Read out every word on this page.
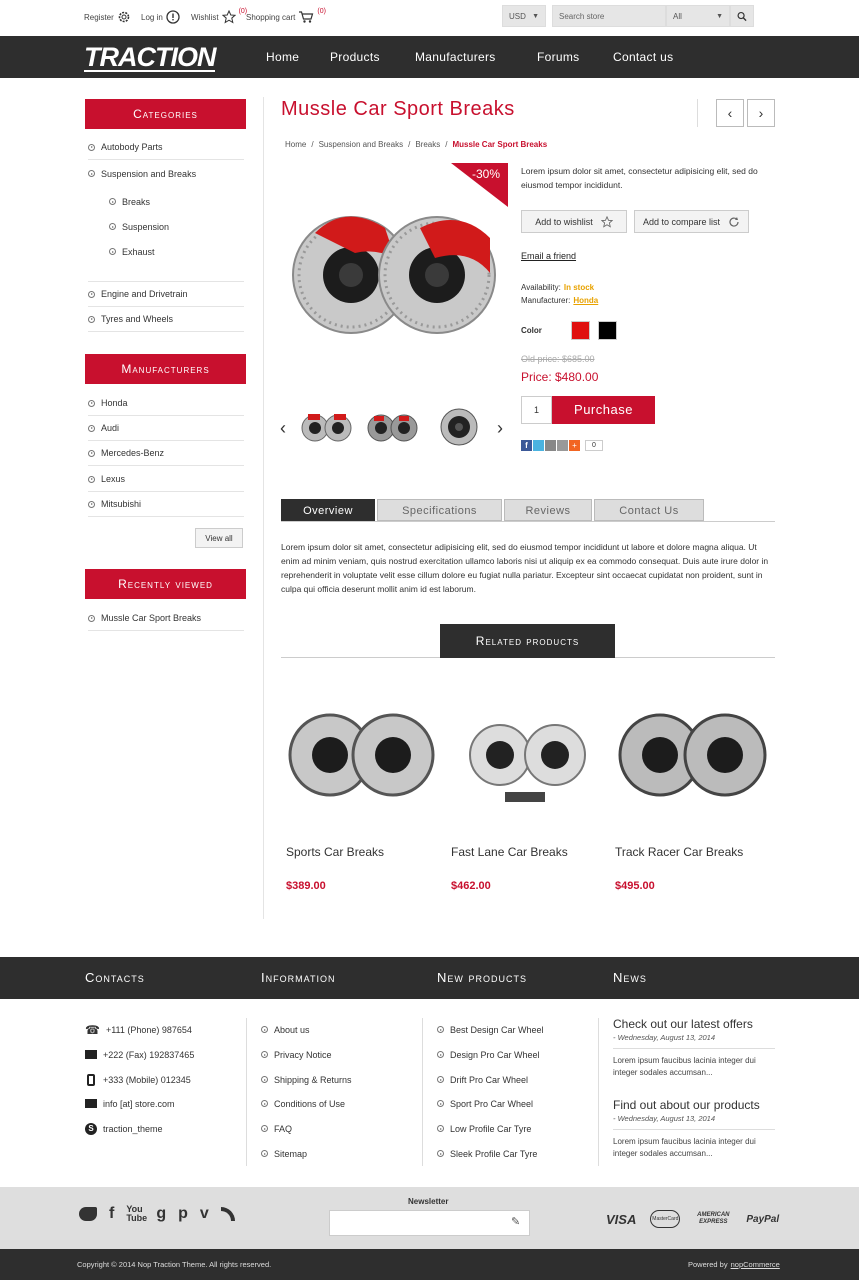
Register	Log in	Wishlist
(0)
Shopping cart
(0)
USD ▼	Search store	All	▼
TRACTION	Home	Products	Manufacturers	Forums	Contact us
Categories
Autobody Parts
Suspension and Breaks
Breaks
Suspension
Exhaust
Engine and Drivetrain
Tyres and Wheels
Manufacturers
Honda
Audi
Mercedes-Benz
Lexus
Mitsubishi
View all
Recently viewed
Mussle Car Sport Breaks
Mussle Car Sport Breaks	‹ ›
Home / Suspension and Breaks / Breaks / Mussle Car Sport Breaks
-30%
‹	›
Lorem ipsum dolor sit amet, consectetur adipisicing elit, sed do eiusmod tempor incididunt.
Add to wishlist	Add to compare list
Email a friend
Availability: In stock
Manufacturer: Honda
Color
Old price: $685.00
Price: $480.00
1	Purchase
f	+	0
Overview	Specifications	Reviews	Contact Us
Lorem ipsum dolor sit amet, consectetur adipisicing elit, sed do eiusmod tempor incididunt ut labore et dolore magna aliqua. Ut enim ad minim veniam, quis nostrud exercitation ullamco laboris nisi ut aliquip ex ea commodo consequat. Duis aute irure dolor in reprehenderit in voluptate velit esse cillum dolore eu fugiat nulla pariatur. Excepteur sint occaecat cupidatat non proident, sunt in culpa qui officia deserunt mollit anim id est laborum.
Related products
Sports Car Breaks
$389.00
Fast Lane Car Breaks
$462.00
Track Racer Car Breaks
$495.00
Contacts	Information	New products	News
☎ +111 (Phone) 987654
+222 (Fax) 192837465
+333 (Mobile) 012345
info [at] store.com
S	traction_theme
About us
Privacy Notice
Shipping & Returns
Conditions of Use
FAQ
Sitemap
Best Design Car Wheel
Design Pro Car Wheel
Drift Pro Car Wheel
Sport Pro Car Wheel
Low Profile Car Tyre
Sleek Profile Car Tyre
Check out our latest offers
- Wednesday, August 13, 2014
Lorem ipsum faucibus lacinia integer dui integer sodales accumsan...
Find out about our products
- Wednesday, August 13, 2014
Lorem ipsum faucibus lacinia integer dui integer sodales accumsan...
f You Tube g p v
Newsletter
✎	VISA	MasterCard
AMERICAN EXPRESS	PayPal
Copyright © 2014 Nop Traction Theme. All rights reserved.	Powered by nopCommerce
